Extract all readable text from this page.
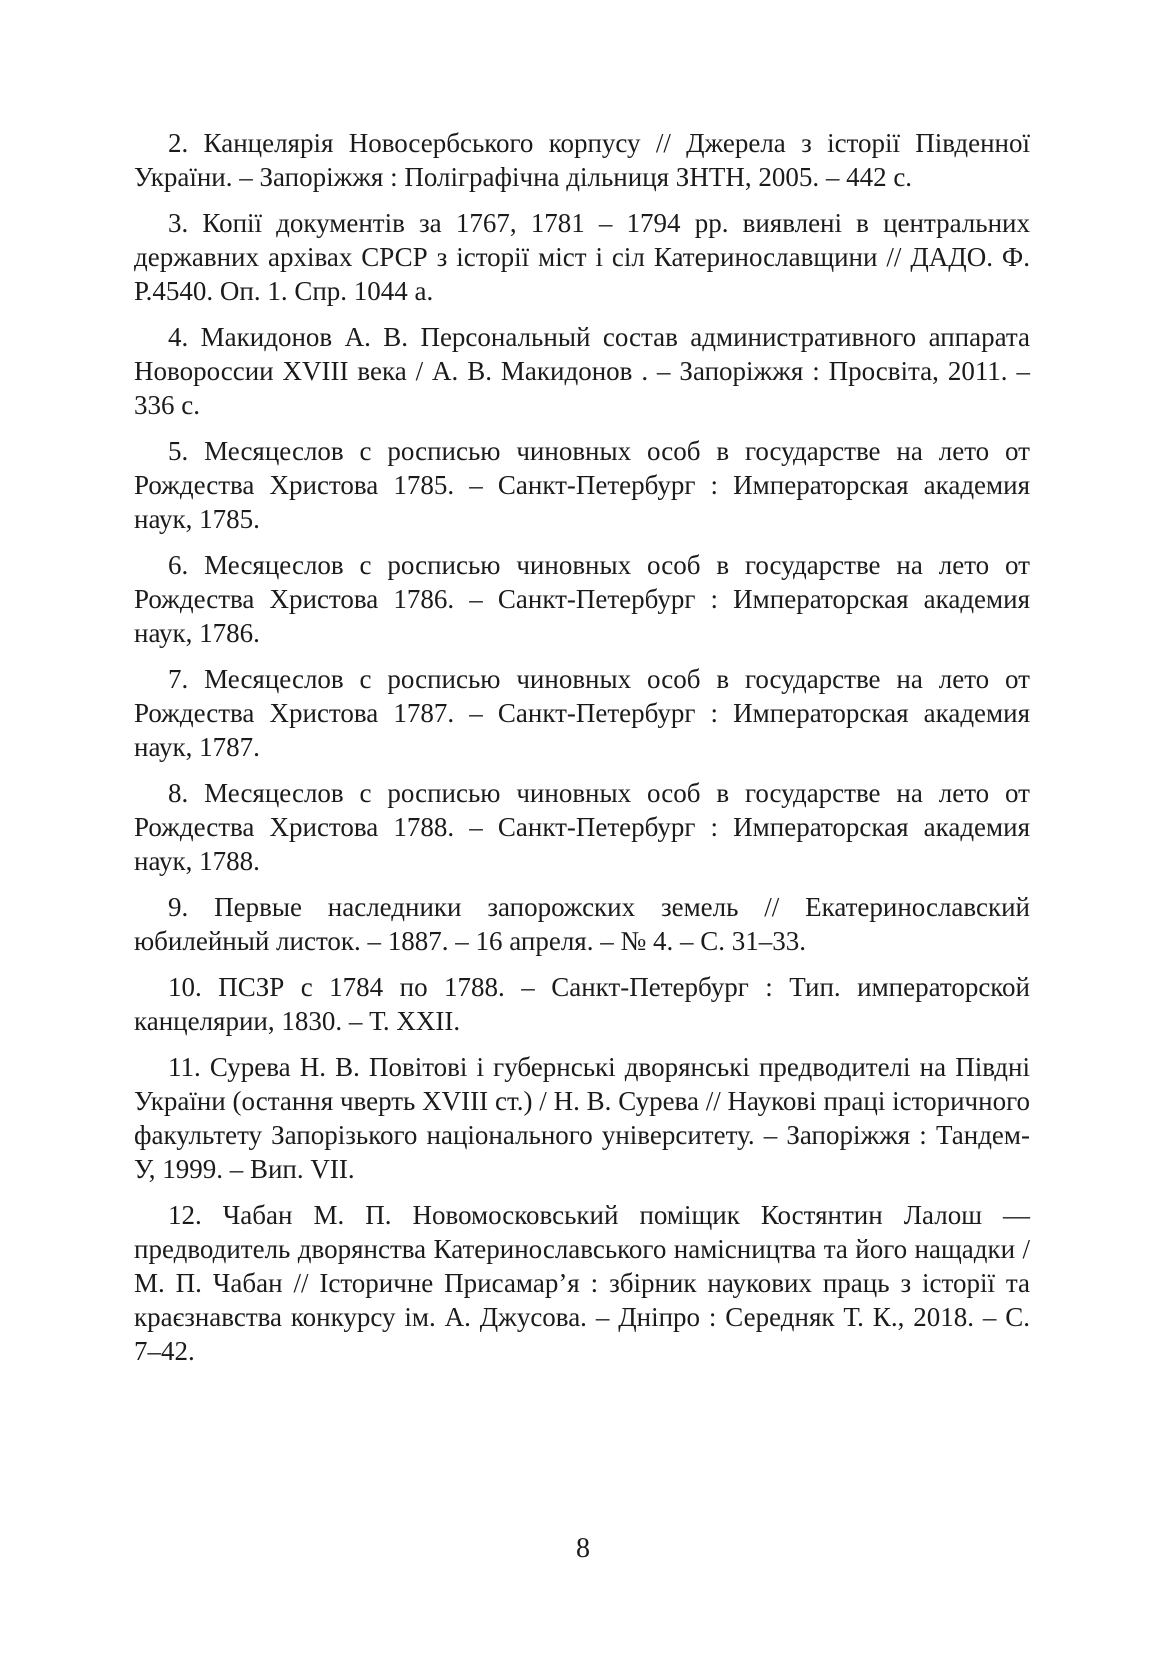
2. Канцелярія Новосербського корпусу // Джерела з історії Південної України. – Запоріжжя : Поліграфічна дільниця ЗНТН, 2005. – 442 с.

3. Копії документів за 1767, 1781 – 1794 рр. виявлені в центральних державних архівах СРСР з історії міст і сіл Катеринославщини // ДАДО. Ф. Р.4540. Оп. 1. Спр. 1044 а.

4. Макидонов А. В. Персональный состав административного аппарата Новороссии XVIII века / А. В. Макидонов . – Запоріжжя : Просвіта, 2011. – 336 с.

5. Месяцеслов с росписью чиновных особ в государстве на лето от Рождества Христова 1785. – Санкт-Петербург : Императорская академия наук, 1785.

6. Месяцеслов с росписью чиновных особ в государстве на лето от Рождества Христова 1786. – Санкт-Петербург : Императорская академия наук, 1786.

7. Месяцеслов с росписью чиновных особ в государстве на лето от Рождества Христова 1787. – Санкт-Петербург : Императорская академия наук, 1787.

8. Месяцеслов с росписью чиновных особ в государстве на лето от Рождества Христова 1788. – Санкт-Петербург : Императорская академия наук, 1788.

9. Первые наследники запорожских земель // Екатеринославский юбилейный листок. – 1887. – 16 апреля. – № 4. – С. 31–33.

10. ПСЗР с 1784 по 1788. – Санкт-Петербург : Тип. императорской канцелярии, 1830. – Т. XXII.

11. Сурева Н. В. Повітові і губернські дворянські предводителі на Півдні України (остання чверть XVIII ст.) / Н. В. Сурева // Наукові праці історичного факультету Запорізького національного університету. – Запоріжжя : Тандем-У, 1999. – Вип. VII.

12. Чабан М. П. Новомосковський поміщик Костянтин Лалош — предводитель дворянства Катеринославського намісництва та його нащадки / М. П. Чабан // Історичне Присамар’я : збірник наукових праць з історії та краєзнавства конкурсу ім. А. Джусова. – Дніпро : Середняк Т. К., 2018. – С. 7–42.

8
